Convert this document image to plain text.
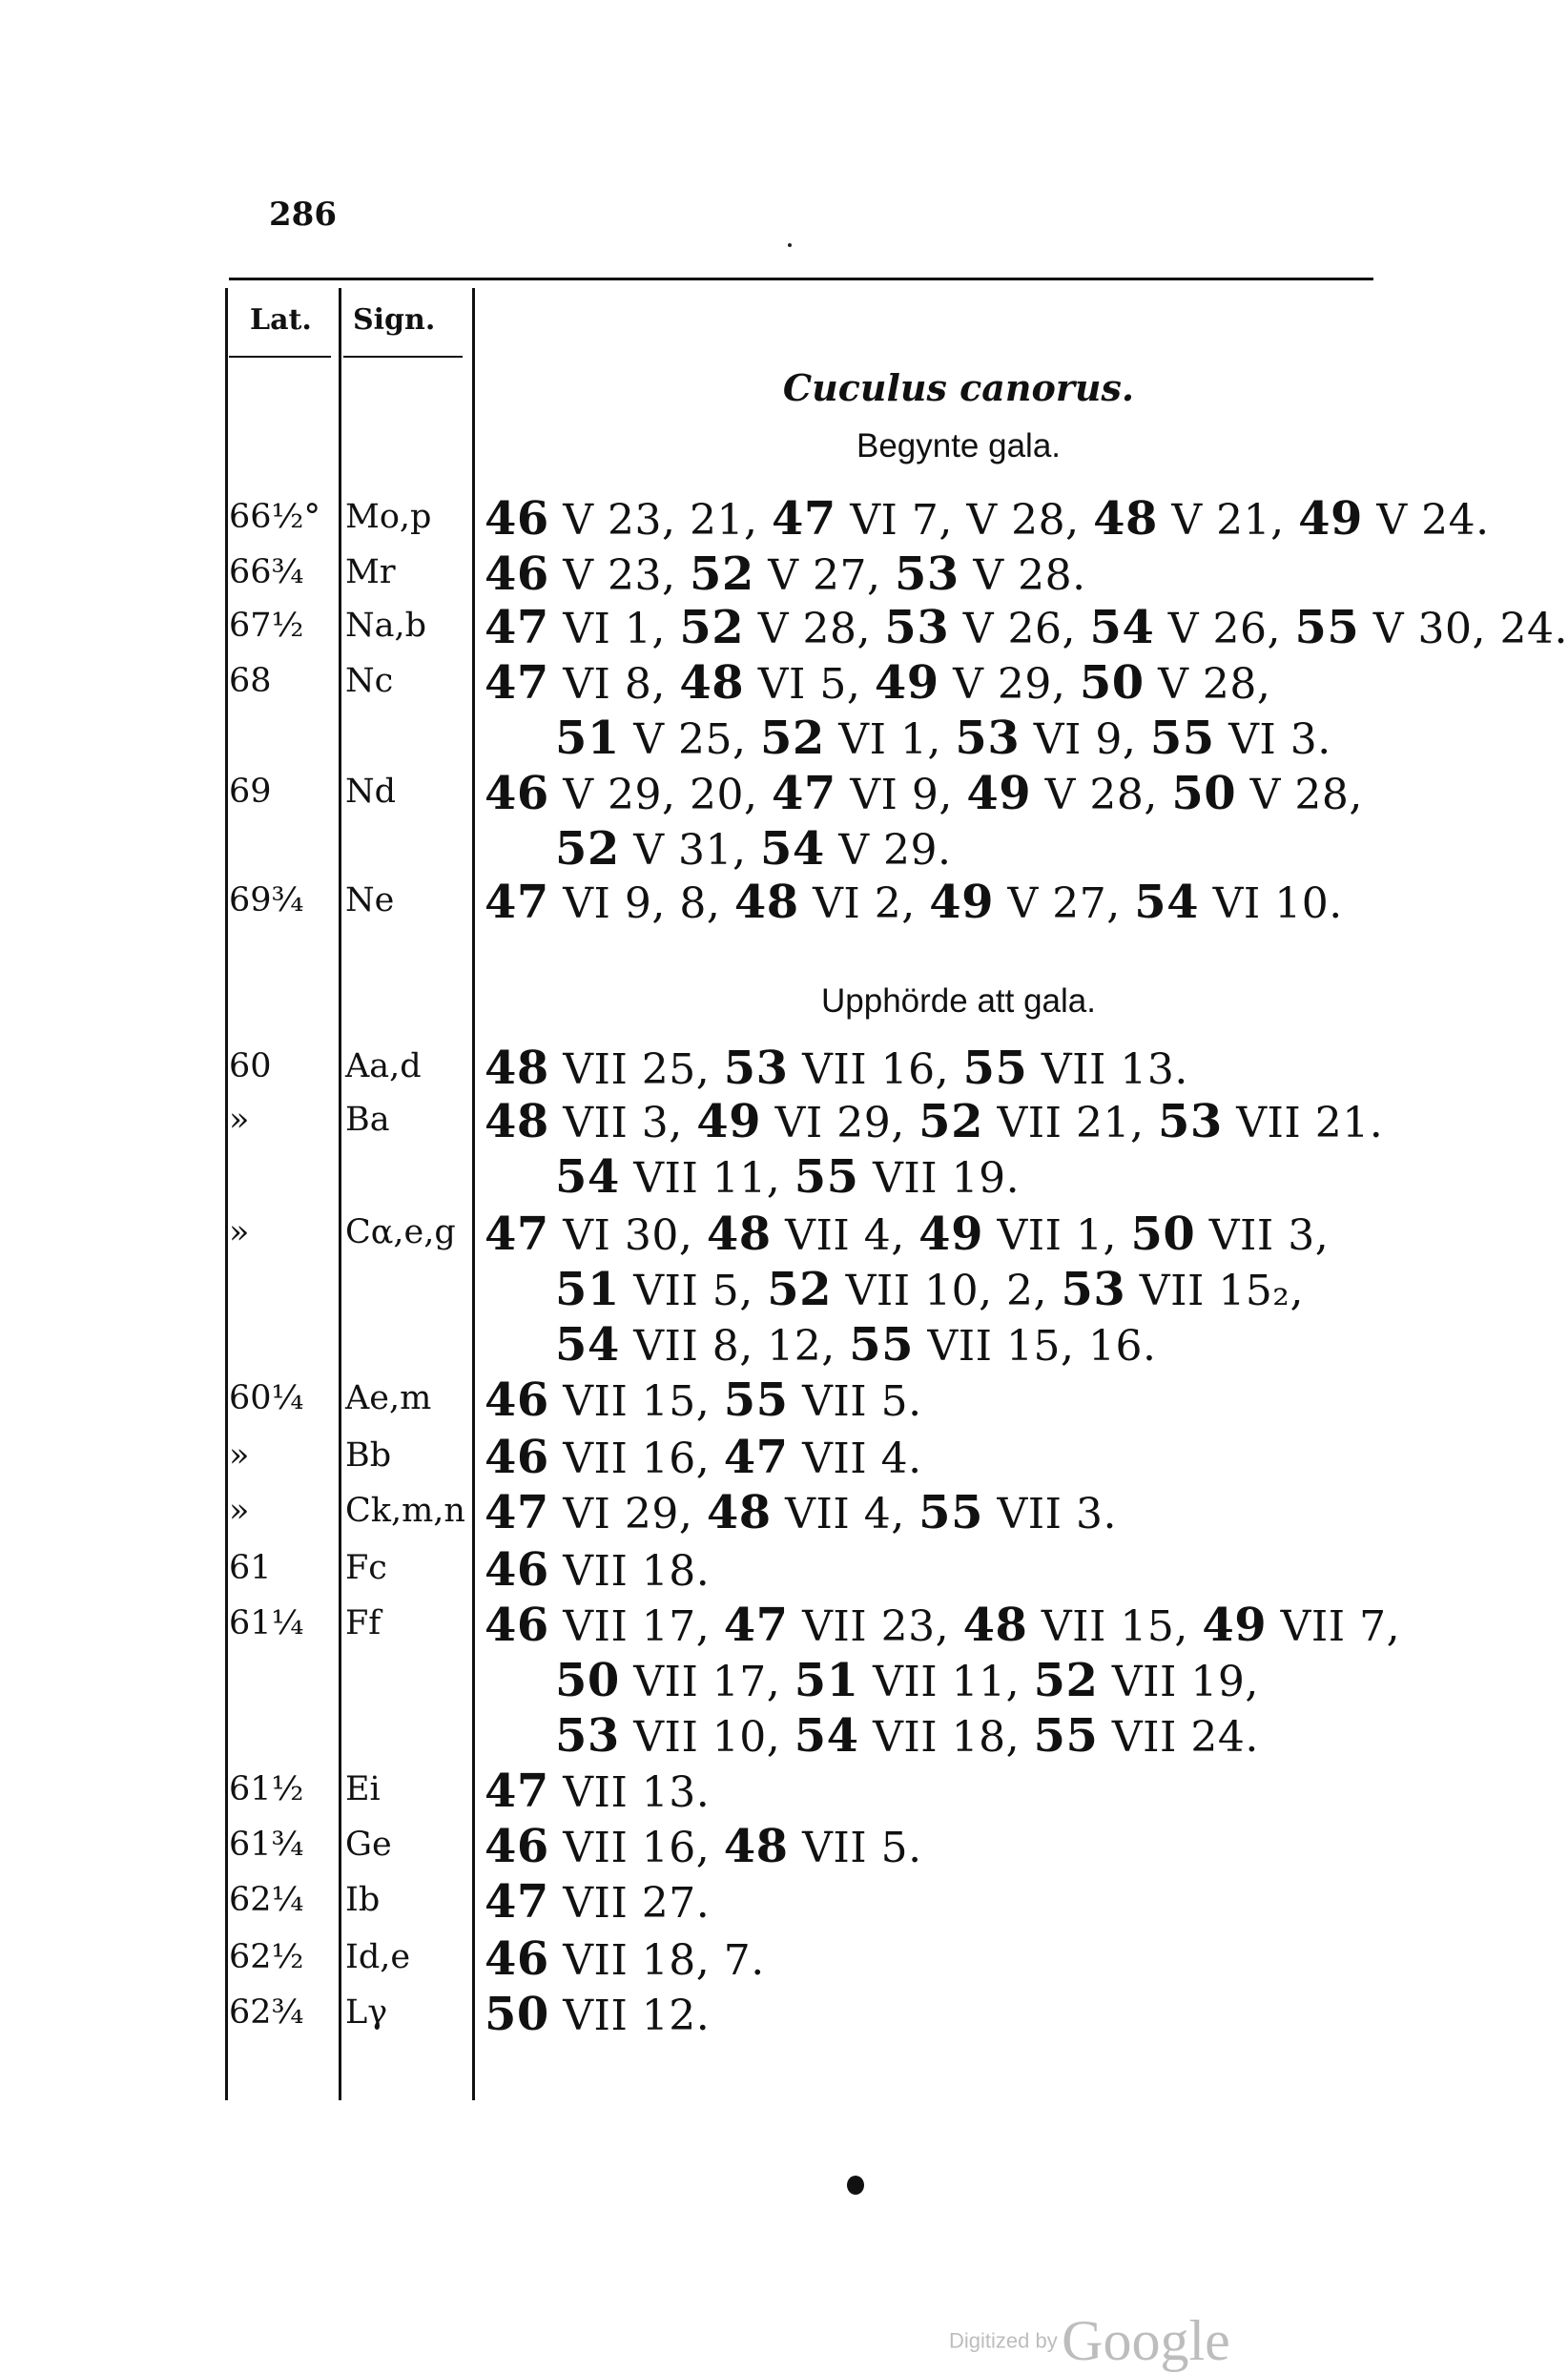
286
Lat. Sign.
Cuculus canorus.
Begynte gala.
66½° Mo,p 46 V 23, 21, 47 VI 7, V 28, 48 V 21, 49 V 24.
66¾ Mr 46 V 23, 52 V 27, 53 V 28.
67½ Na,b 47 VI 1, 52 V 28, 53 V 26, 54 V 26, 55 V 30, 24.
68 Nc 47 VI 8, 48 VI 5, 49 V 29, 50 V 28,
51 V 25, 52 VI 1, 53 VI 9, 55 VI 3.
69 Nd 46 V 29, 20, 47 VI 9, 49 V 28, 50 V 28,
52 V 31, 54 V 29.
69¾ Ne 47 VI 9, 8, 48 VI 2, 49 V 27, 54 VI 10.
Upphörde att gala.
60 Aa,d 48 VII 25, 53 VII 16, 55 VII 13.
»	Ba 48 VII 3, 49 VI 29, 52 VII 21, 53 VII 21.
54 VII 11, 55 VII 19.
»	Cα,e,g 47 VI 30, 48 VII 4, 49 VII 1, 50 VII 3,
51 VII 5, 52 VII 10, 2, 53 VII 15₂,
54 VII 8, 12, 55 VII 15, 16.
60¼ Ae,m 46 VII 15, 55 VII 5.
»	Bb 46 VII 16, 47 VII 4.
»	Ck,m,n 47 VI 29, 48 VII 4, 55 VII 3.
61 Fc 46 VII 18.
61¼ Ff 46 VII 17, 47 VII 23, 48 VII 15, 49 VII 7,
50 VII 17, 51 VII 11, 52 VII 19,
53 VII 10, 54 VII 18, 55 VII 24.
61½ Ei 47 VII 13.
61¾ Ge 46 VII 16, 48 VII 5.
62¼ Ib 47 VII 27.
62½ Id,e 46 VII 18, 7.
62¾ Lγ 50 VII 12.
Digitized by Google
